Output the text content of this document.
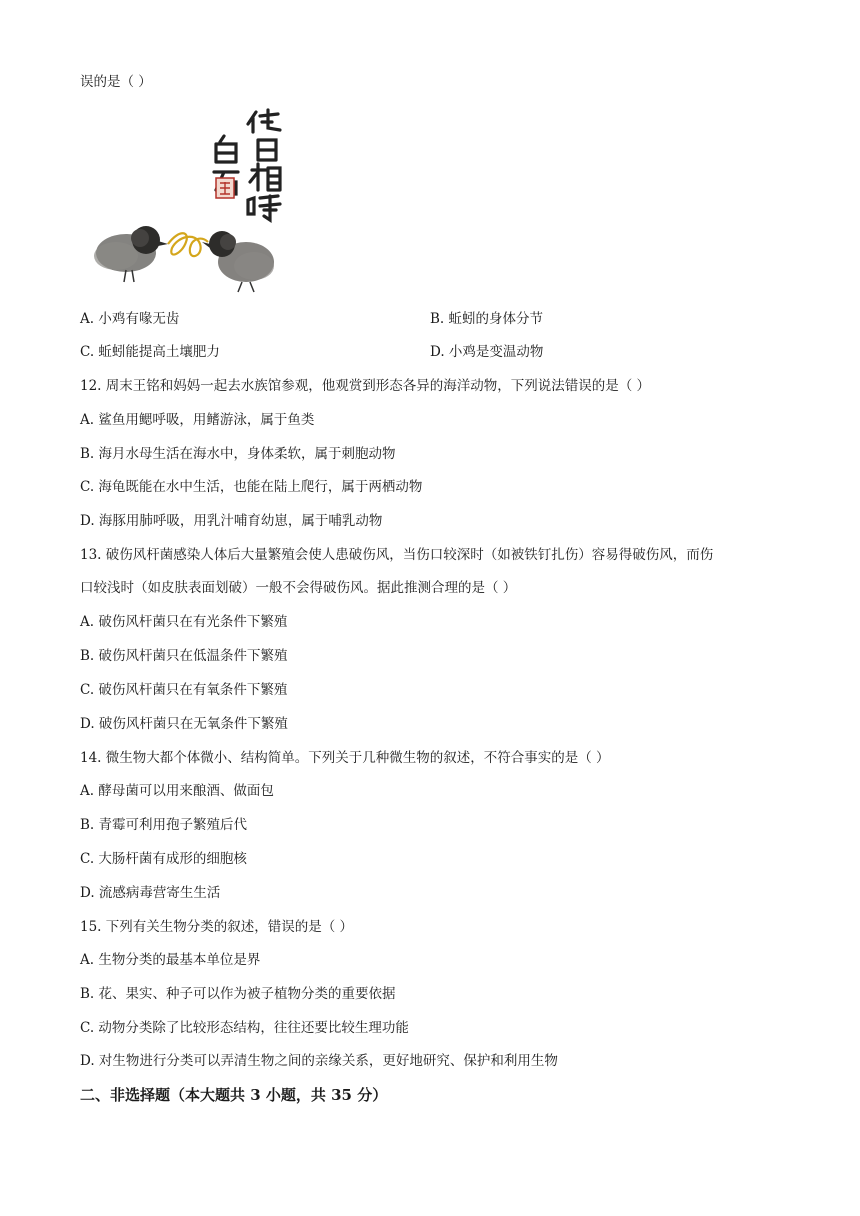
误的是（ ）
A. 小鸡有喙无齿	B. 蚯蚓的身体分节
C. 蚯蚓能提高土壤肥力	D. 小鸡是变温动物
12. 周末王铭和妈妈一起去水族馆参观，他观赏到形态各异的海洋动物，下列说法错误的是（ ）
A. 鲨鱼用鳃呼吸，用鳍游泳，属于鱼类
B. 海月水母生活在海水中，身体柔软，属于刺胞动物
C. 海龟既能在水中生活，也能在陆上爬行，属于两栖动物
D. 海豚用肺呼吸，用乳汁哺育幼崽，属于哺乳动物
13. 破伤风杆菌感染人体后大量繁殖会使人患破伤风，当伤口较深时（如被铁钉扎伤）容易得破伤风，而伤
口较浅时（如皮肤表面划破）一般不会得破伤风。据此推测合理的是（ ）
A. 破伤风杆菌只在有光条件下繁殖
B. 破伤风杆菌只在低温条件下繁殖
C. 破伤风杆菌只在有氧条件下繁殖
D. 破伤风杆菌只在无氧条件下繁殖
14. 微生物大都个体微小、结构简单。下列关于几种微生物的叙述，不符合事实的是（ ）
A. 酵母菌可以用来酿酒、做面包
B. 青霉可利用孢子繁殖后代
C. 大肠杆菌有成形的细胞核
D. 流感病毒营寄生生活
15. 下列有关生物分类的叙述，错误的是（ ）
A. 生物分类的最基本单位是界
B. 花、果实、种子可以作为被子植物分类的重要依据
C. 动物分类除了比较形态结构，往往还要比较生理功能
D. 对生物进行分类可以弄清生物之间的亲缘关系，更好地研究、保护和利用生物
二、非选择题（本大题共 3 小题，共 35 分）
